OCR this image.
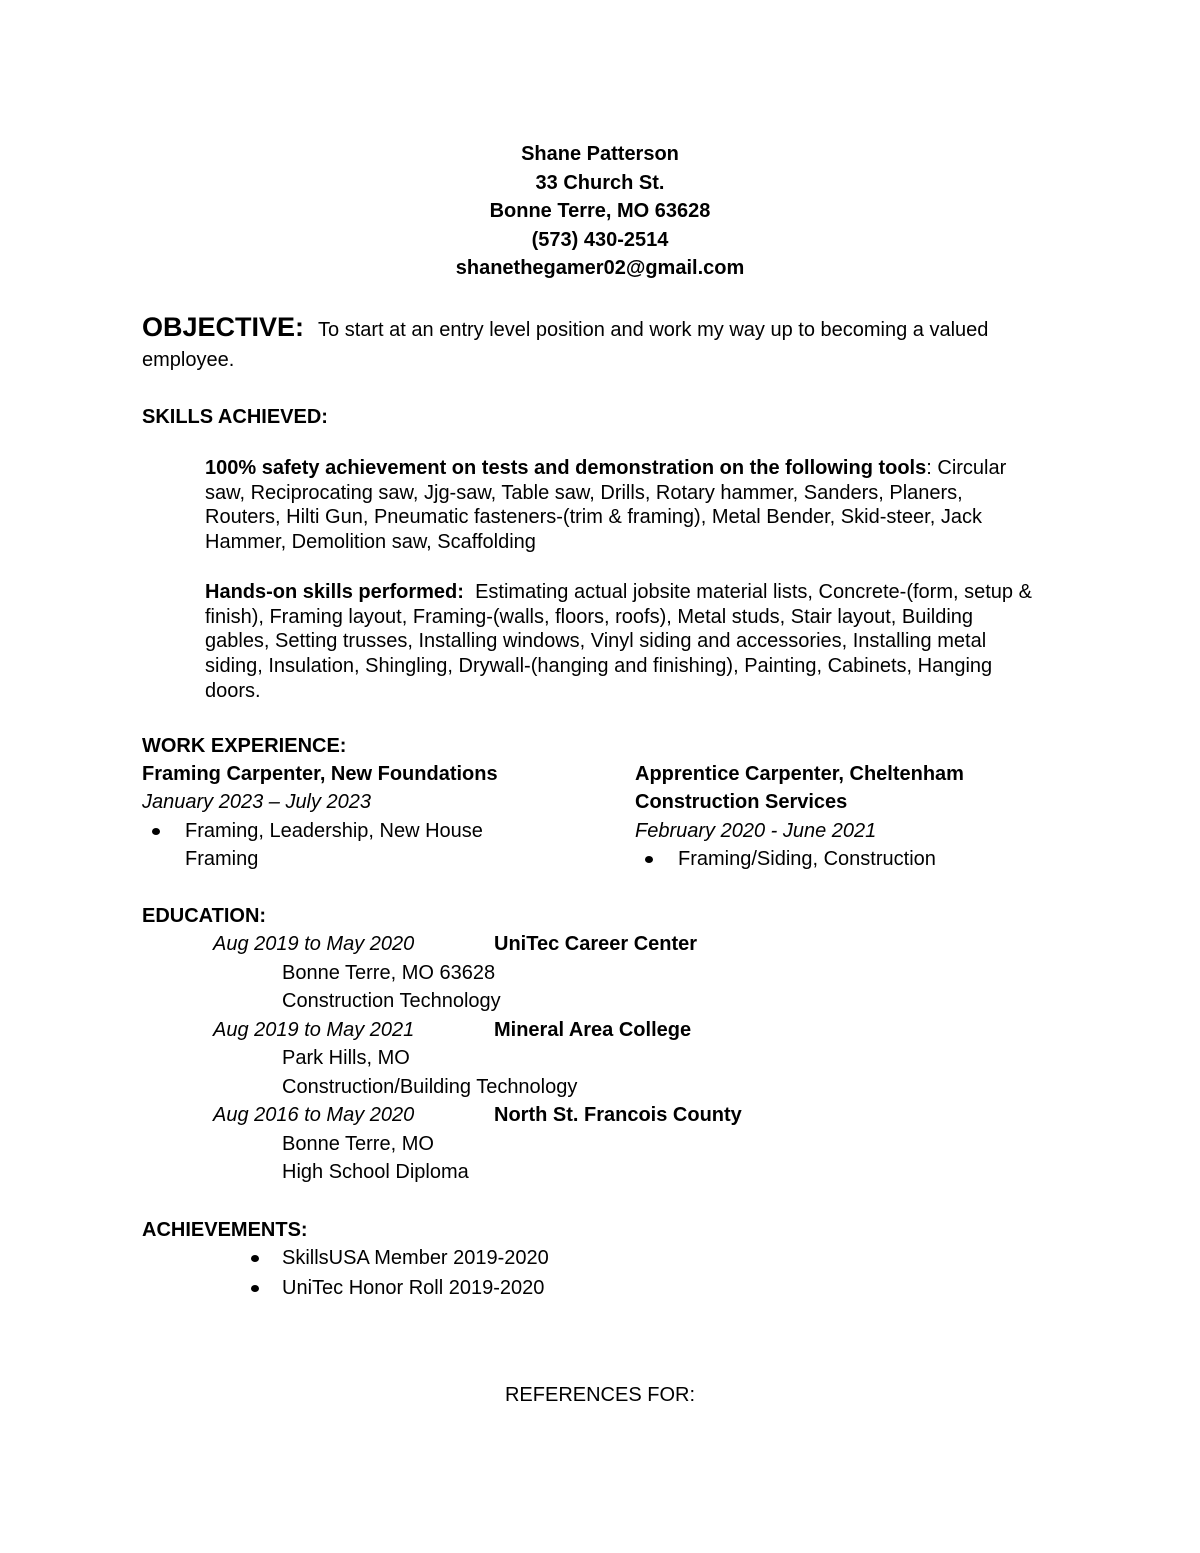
Shane Patterson
33 Church St.
Bonne Terre, MO 63628
(573) 430-2514
shanethegamer02@gmail.com
OBJECTIVE: To start at an entry level position and work my way up to becoming a valued employee.
SKILLS ACHIEVED:
100% safety achievement on tests and demonstration on the following tools: Circular saw, Reciprocating saw, Jjg-saw, Table saw, Drills, Rotary hammer, Sanders, Planers, Routers, Hilti Gun, Pneumatic fasteners-(trim & framing), Metal Bender, Skid-steer, Jack Hammer, Demolition saw, Scaffolding
Hands-on skills performed: Estimating actual jobsite material lists, Concrete-(form, setup & finish), Framing layout, Framing-(walls, floors, roofs), Metal studs, Stair layout, Building gables, Setting trusses, Installing windows, Vinyl siding and accessories, Installing metal siding, Insulation, Shingling, Drywall-(hanging and finishing), Painting, Cabinets, Hanging doors.
WORK EXPERIENCE:
Framing Carpenter, New Foundations
January 2023 – July 2023
Framing, Leadership, New House Framing
Apprentice Carpenter, Cheltenham Construction Services
February 2020 - June 2021
Framing/Siding, Construction
EDUCATION:
Aug 2019 to May 2020	UniTec Career Center
Bonne Terre, MO 63628
Construction Technology
Aug 2019 to May 2021	Mineral Area College
Park Hills, MO
Construction/Building Technology
Aug 2016 to May 2020	North St. Francois County
Bonne Terre, MO
High School Diploma
ACHIEVEMENTS:
SkillsUSA Member 2019-2020
UniTec Honor Roll 2019-2020
REFERENCES FOR:
